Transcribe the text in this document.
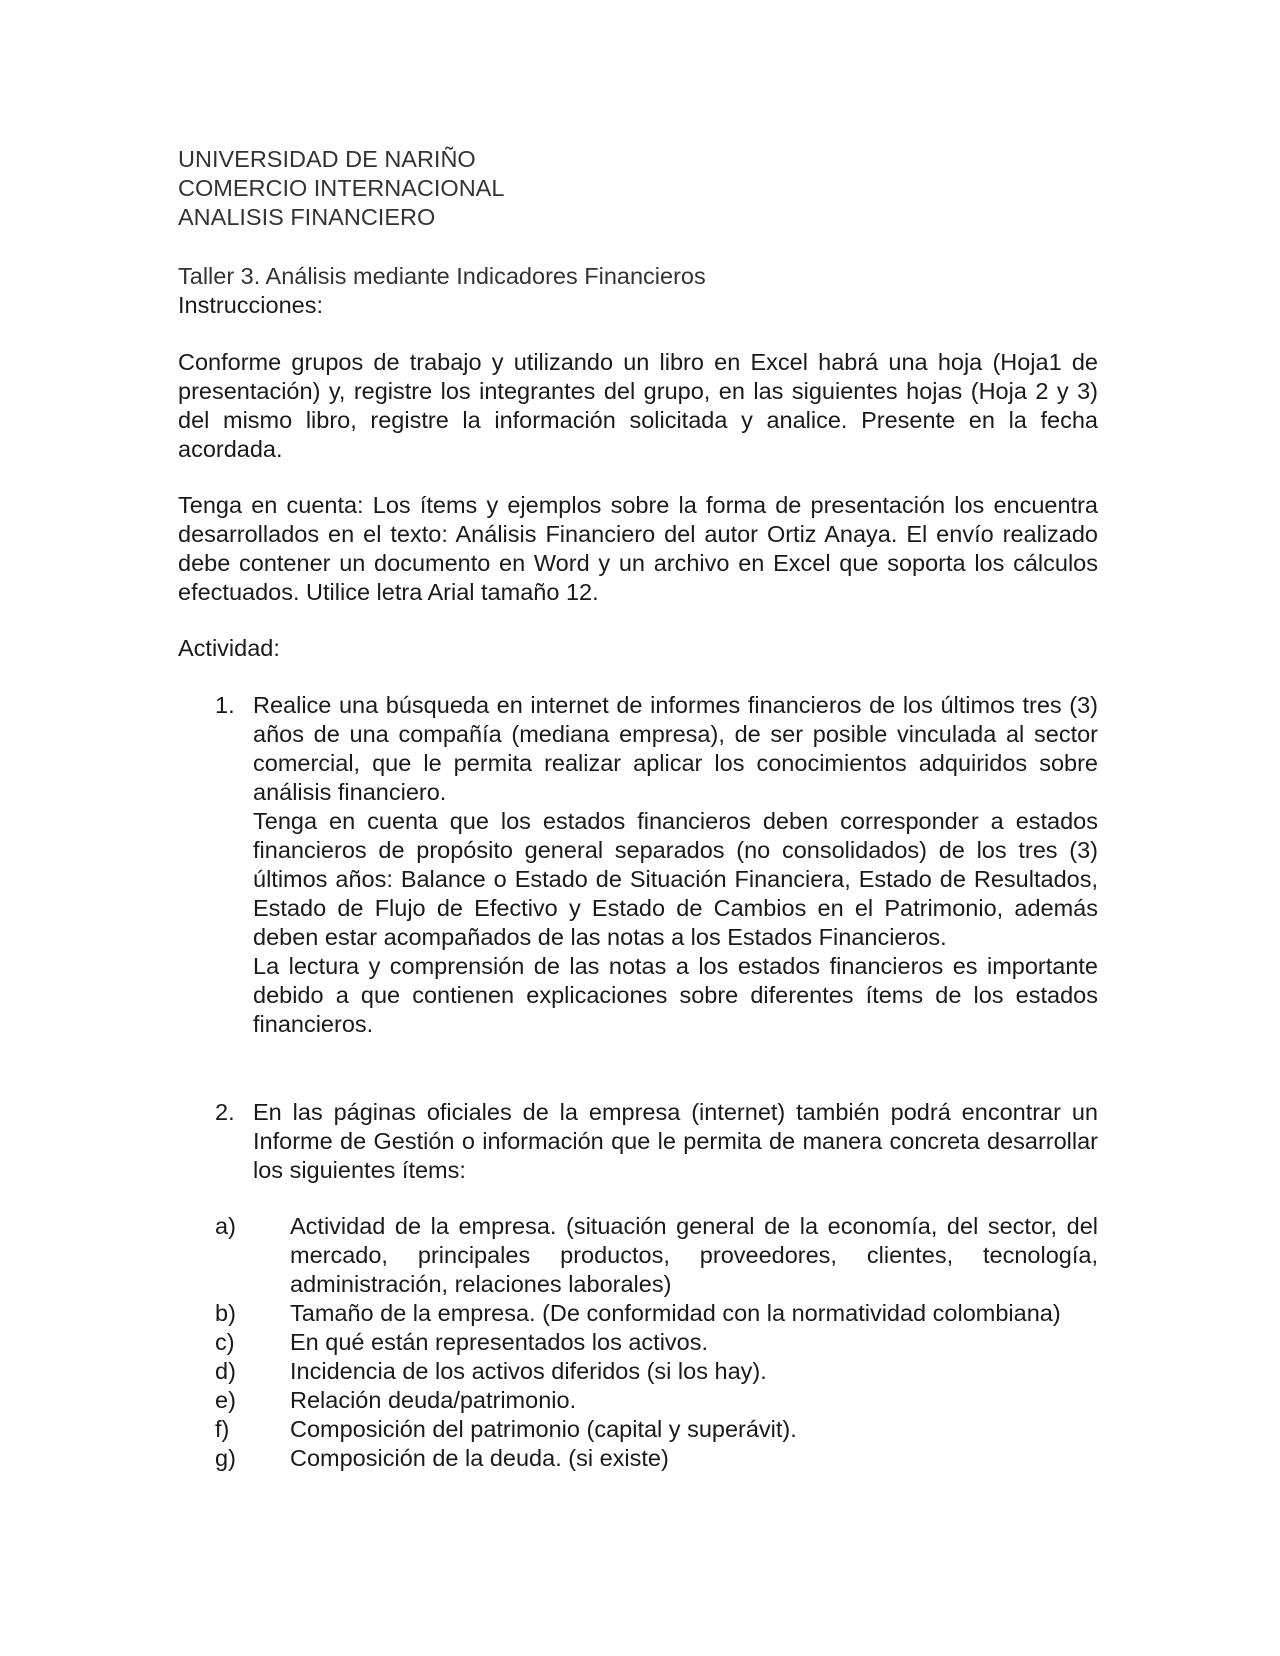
UNIVERSIDAD DE NARIÑO
COMERCIO INTERNACIONAL
ANALISIS FINANCIERO
Taller 3. Análisis mediante Indicadores Financieros
Instrucciones:

Conforme grupos de trabajo y utilizando un libro en Excel habrá una hoja (Hoja1 de presentación) y, registre los integrantes del grupo, en las siguientes hojas (Hoja 2 y 3) del mismo libro, registre la información solicitada y analice. Presente en la fecha acordada.

Tenga en cuenta: Los ítems y ejemplos sobre la forma de presentación los encuentra desarrollados en el texto: Análisis Financiero del autor Ortiz Anaya. El envío realizado debe contener un documento en Word y un archivo en Excel que soporta los cálculos efectuados. Utilice letra Arial tamaño 12.

Actividad:
1. Realice una búsqueda en internet de informes financieros de los últimos tres (3) años de una compañía (mediana empresa), de ser posible vinculada al sector comercial, que le permita realizar aplicar los conocimientos adquiridos sobre análisis financiero.

Tenga en cuenta que los estados financieros deben corresponder a estados financieros de propósito general separados (no consolidados) de los tres (3) últimos años: Balance o Estado de Situación Financiera, Estado de Resultados, Estado de Flujo de Efectivo y Estado de Cambios en el Patrimonio, además deben estar acompañados de las notas a los Estados Financieros.

La lectura y comprensión de las notas a los estados financieros es importante debido a que contienen explicaciones sobre diferentes ítems de los estados financieros.

2. En las páginas oficiales de la empresa (internet) también podrá encontrar un Informe de Gestión o información que le permita de manera concreta desarrollar los siguientes ítems:

a) Actividad de la empresa. (situación general de la economía, del sector, del mercado, principales productos, proveedores, clientes, tecnología, administración, relaciones laborales)

b) Tamaño de la empresa. (De conformidad con la normatividad colombiana)

c) En qué están representados los activos.

d) Incidencia de los activos diferidos (si los hay).

e) Relación deuda/patrimonio.

f)	Composición del patrimonio (capital y superávit).

g) Composición de la deuda. (si existe)
